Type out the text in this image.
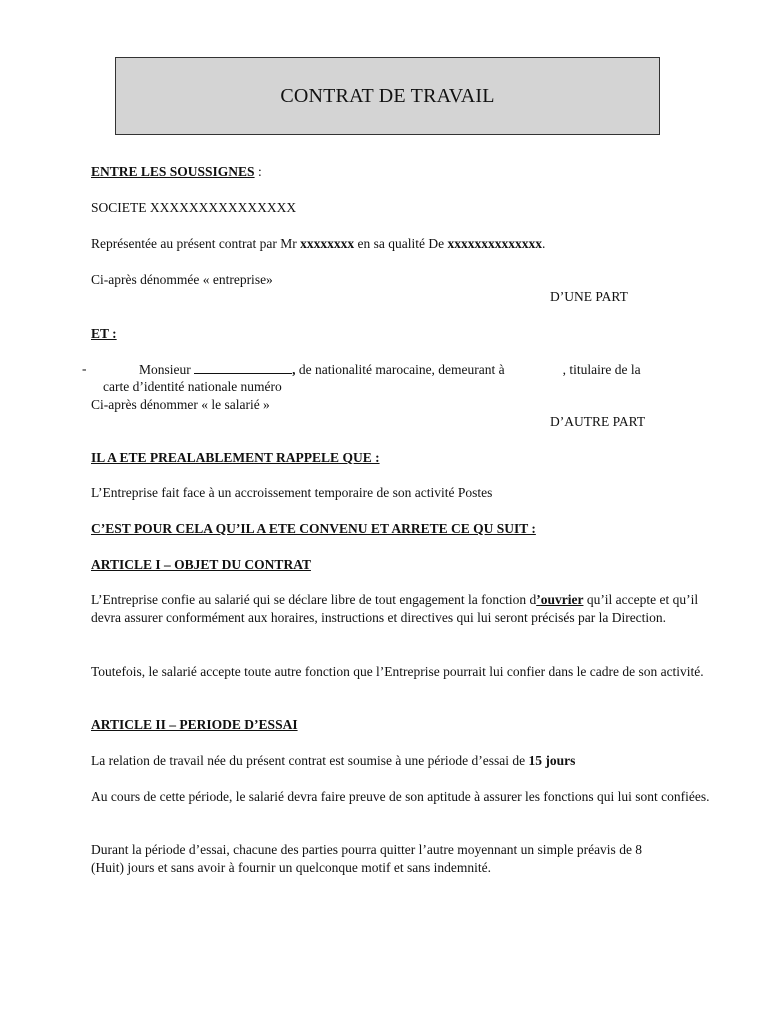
CONTRAT DE TRAVAIL
ENTRE LES SOUSSIGNES :
SOCIETE XXXXXXXXXXXXXXX
Représentée au présent contrat par Mr xxxxxxxx en sa qualité De xxxxxxxxxxxxxx.
Ci-après dénommée « entreprise»
D’UNE PART
ET :
-	Monsieur	, de nationalité marocaine, demeurant à	, titulaire de la
carte d’identité nationale numéro
Ci-après dénommer « le salarié »
D’AUTRE PART
IL A ETE PREALABLEMENT RAPPELE QUE :
L’Entreprise fait face à un accroissement temporaire de son activité Postes
C’EST POUR CELA QU’IL A ETE CONVENU ET ARRETE CE QU SUIT :
ARTICLE I – OBJET DU CONTRAT
L’Entreprise confie au salarié qui se déclare libre de tout engagement la fonction d’ouvrier qu’il accepte et qu’il devra assurer conformément aux horaires, instructions et directives qui lui seront précisés par la Direction.
Toutefois, le salarié accepte toute autre fonction que l’Entreprise pourrait lui confier dans le cadre de son activité.
ARTICLE II – PERIODE D’ESSAI
La relation de travail née du présent contrat est soumise à une période d’essai de 15 jours
Au cours de cette période, le salarié devra faire preuve de son aptitude à assurer les fonctions qui lui sont confiées.
Durant la période d’essai, chacune des parties pourra quitter l’autre moyennant un simple préavis de 8
(Huit) jours et sans avoir à fournir un quelconque motif et sans indemnité.
